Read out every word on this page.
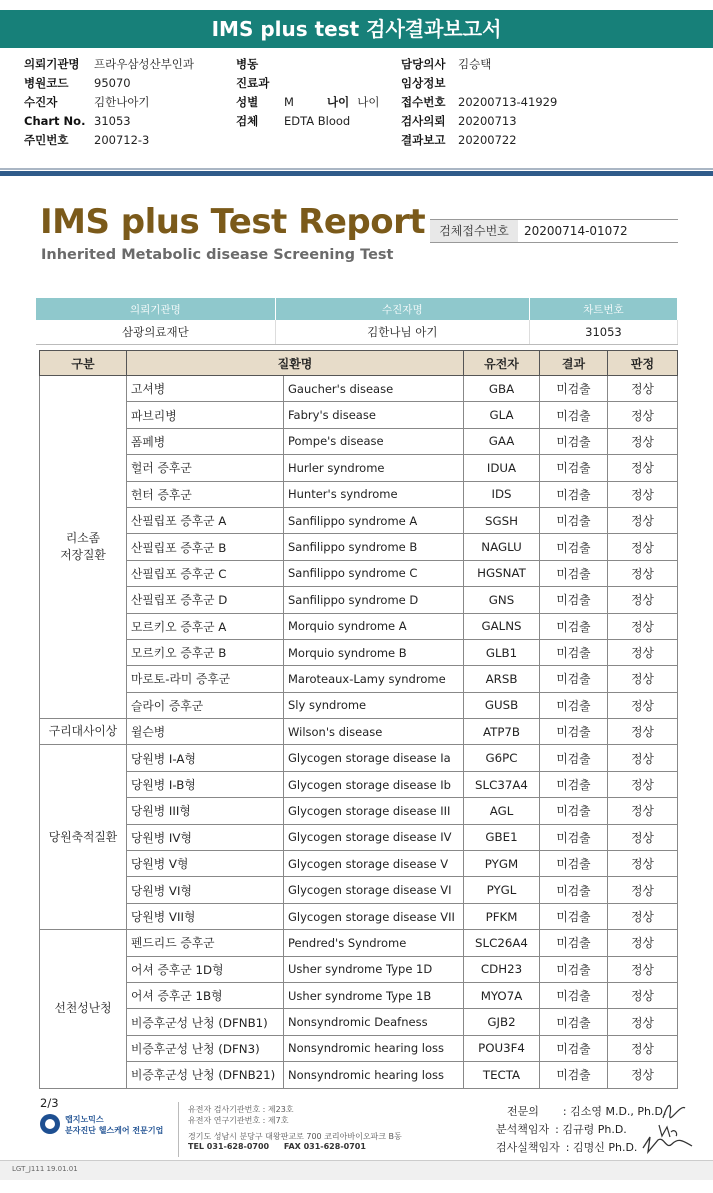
IMS plus test 검사결과보고서
의뢰기관명 프라우삼성산부인과
병원코드 95070
수진자	김한나아기
Chart No. 31053
주민번호 200712-3
병동
진료과
성별 M
검체 EDTA Blood
담당의사 김승택
임상정보
접수번호 20200713-41929
검사의뢰 20200713
결과보고 20200722
나이 나이
IMS plus Test Report
Inherited Metabolic disease Screening Test
검체접수번호	20200714-01072
의뢰기관명	수진자명	차트번호
삼광의료재단	김한나님 아기	31053
구분	질환명		유전자	결과	판정
리소좀
저장질환	고셔병	Gaucher's disease	GBA	미검출	정상
	파브리병	Fabry's disease	GLA	미검출	정상
	폼페병	Pompe's disease	GAA	미검출	정상
	헐러 증후군	Hurler syndrome	IDUA	미검출	정상
	헌터 증후군	Hunter's syndrome	IDS	미검출	정상
	산필립포 증후군 A	Sanfilippo syndrome A	SGSH	미검출	정상
	산필립포 증후군 B	Sanfilippo syndrome B	NAGLU	미검출	정상
	산필립포 증후군 C	Sanfilippo syndrome C	HGSNAT	미검출	정상
	산필립포 증후군 D	Sanfilippo syndrome D	GNS	미검출	정상
	모르키오 증후군 A	Morquio syndrome A	GALNS	미검출	정상
	모르키오 증후군 B	Morquio syndrome B	GLB1	미검출	정상
	마로토-라미 증후군	Maroteaux-Lamy syndrome	ARSB	미검출	정상
	슬라이 증후군	Sly syndrome	GUSB	미검출	정상
구리대사이상	윌슨병	Wilson's disease	ATP7B	미검출	정상
당원축적질환	당원병 I-A형	Glycogen storage disease Ia	G6PC	미검출	정상
	당원병 I-B형	Glycogen storage disease Ib	SLC37A4	미검출	정상
	당원병 III형	Glycogen storage disease III	AGL	미검출	정상
	당원병 IV형	Glycogen storage disease IV	GBE1	미검출	정상
	당원병 V형	Glycogen storage disease V	PYGM	미검출	정상
	당원병 VI형	Glycogen storage disease VI	PYGL	미검출	정상
	당원병 VII형	Glycogen storage disease VII	PFKM	미검출	정상
선천성난청	펜드리드 증후군	Pendred's Syndrome	SLC26A4	미검출	정상
	어셔 증후군 1D형	Usher syndrome Type 1D	CDH23	미검출	정상
	어셔 증후군 1B형	Usher syndrome Type 1B	MYO7A	미검출	정상
	비증후군성 난청 (DFNB1)	Nonsyndromic Deafness	GJB2	미검출	정상
	비증후군성 난청 (DFN3)	Nonsyndromic hearing loss	POU3F4	미검출	정상
	비증후군성 난청 (DFNB21)	Nonsyndromic hearing loss	TECTA	미검출	정상
2/3
랩지노믹스
분자진단 헬스케어 전문기업
유전자 검사기관번호 : 제23호
유전자 연구기관번호 : 제7호
경기도 성남시 분당구 대왕판교로 700 코리아바이오파크 B동
TEL 031-628-0700 FAX 031-628-0701
전문의 : 김소영 M.D., Ph.D.
분석책임자 : 김규령 Ph.D.
검사실책임자 : 김명신 Ph.D.
LGT_J111 19.01.01
